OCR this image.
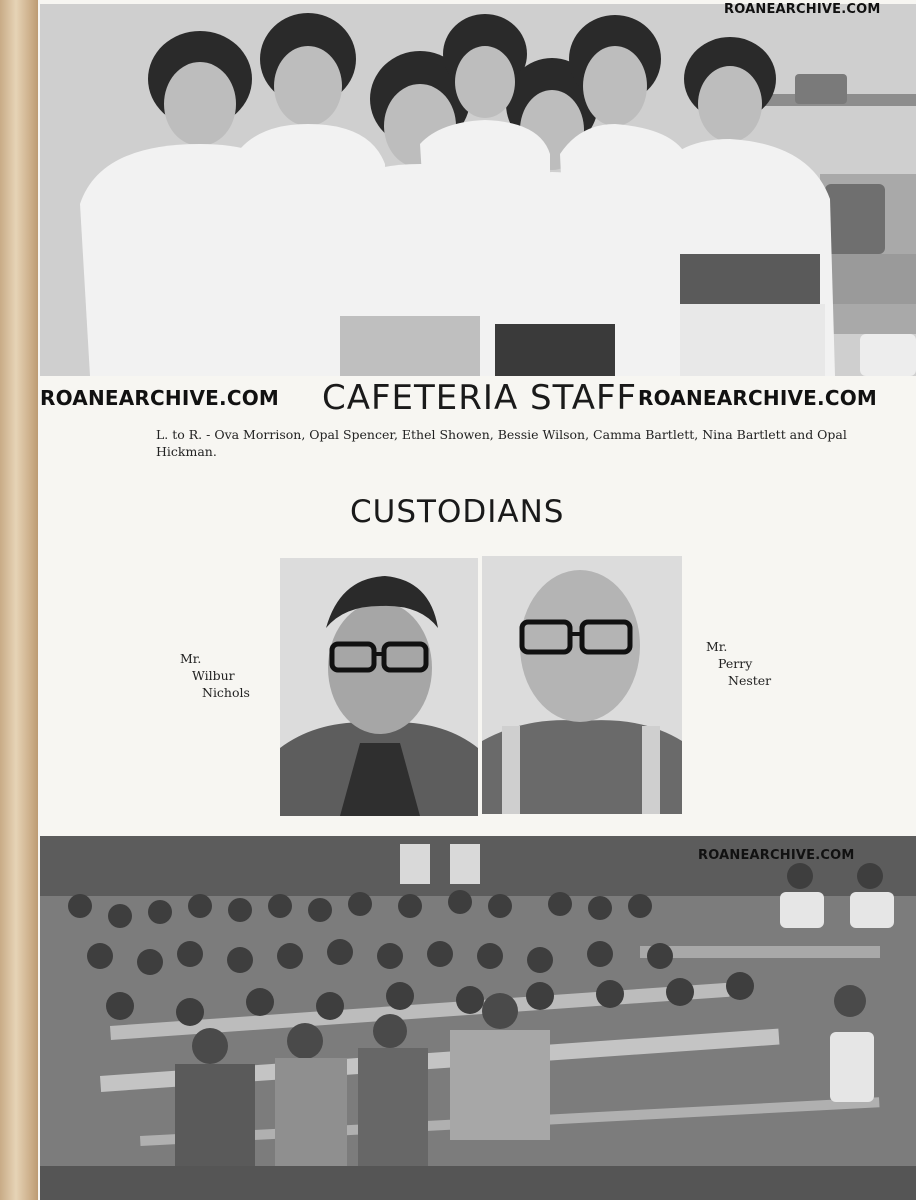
ROANEARCHIVE.COM
ROANEARCHIVE.COM CAFETERIA STAFF ROANEARCHIVE.COM
L. to R. - Ova Morrison, Opal Spencer, Ethel Showen, Bessie Wilson, Camma Bartlett, Nina Bartlett and Opal Hickman.
CUSTODIANS
Mr.
Wilbur
Nichols
Mr.
Perry
Nester
ROANEARCHIVE.COM
